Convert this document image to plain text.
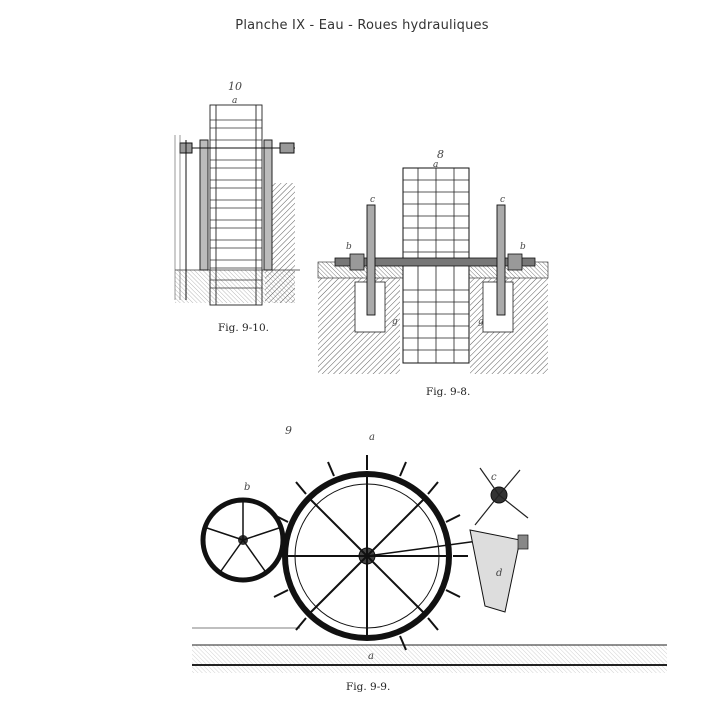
Planche IX - Eau - Roues hydrauliques
10
8
9
a
a
c	c
b	b
g	g
a
b
c
d
a
Fig. 9-10.
Fig. 9-8.
Fig. 9-9.
